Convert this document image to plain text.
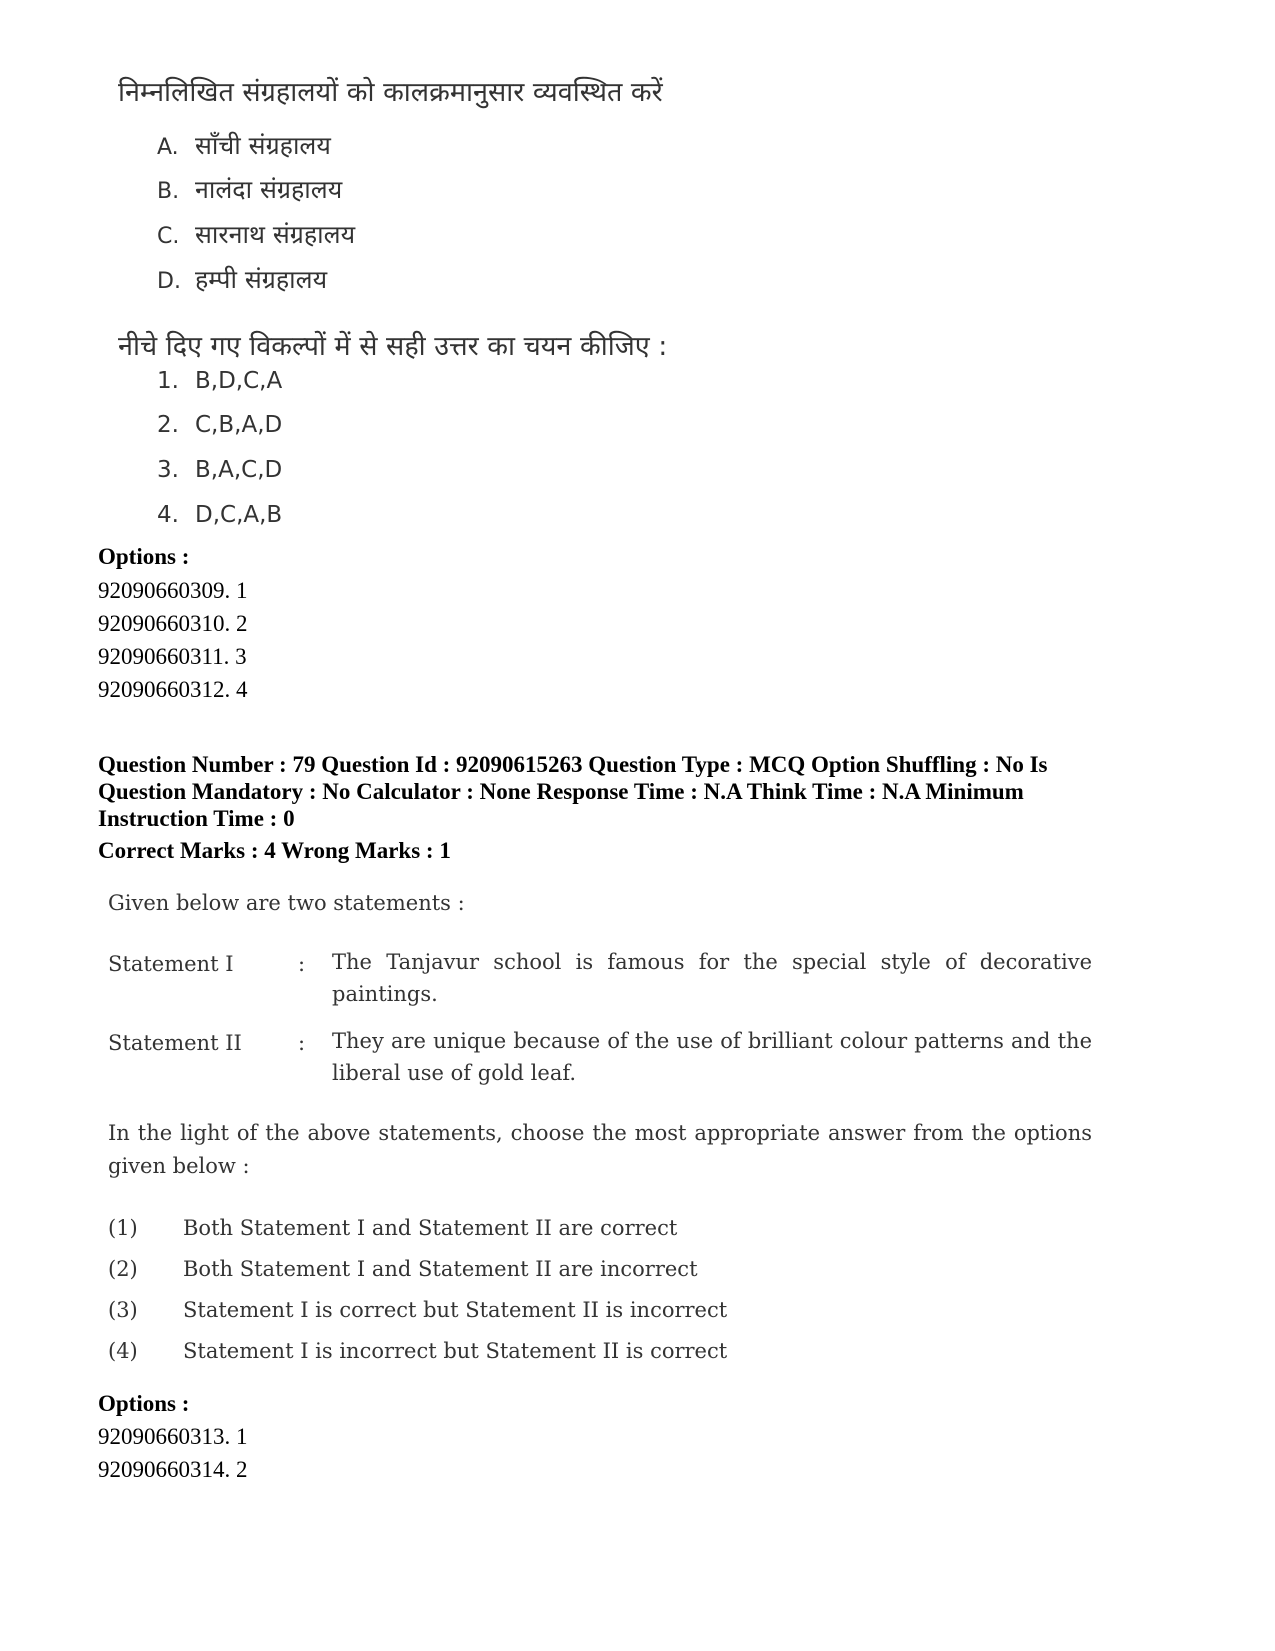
निम्नलिखित संग्रहालयों को कालक्रमानुसार व्यवस्थित करें
A. साँची संग्रहालय
B. नालंदा संग्रहालय
C. सारनाथ संग्रहालय
D. हम्पी संग्रहालय
नीचे दिए गए विकल्पों में से सही उत्तर का चयन कीजिए :
1. B,D,C,A
2. C,B,A,D
3. B,A,C,D
4. D,C,A,B
Options :
92090660309. 1
92090660310. 2
92090660311. 3
92090660312. 4
Question Number : 79 Question Id : 92090615263 Question Type : MCQ Option Shuffling : No Is
Question Mandatory : No Calculator : None Response Time : N.A Think Time : N.A Minimum
Instruction Time : 0
Correct Marks : 4 Wrong Marks : 1
Given below are two statements :
Statement I	: The Tanjavur school is famous for the special style of decorative paintings.
Statement II	: They are unique because of the use of brilliant colour patterns and the liberal use of gold leaf.
In the light of the above statements, choose the most appropriate answer from the options given below :
(1) Both Statement I and Statement II are correct
(2) Both Statement I and Statement II are incorrect
(3) Statement I is correct but Statement II is incorrect
(4) Statement I is incorrect but Statement II is correct
Options :
92090660313. 1
92090660314. 2
